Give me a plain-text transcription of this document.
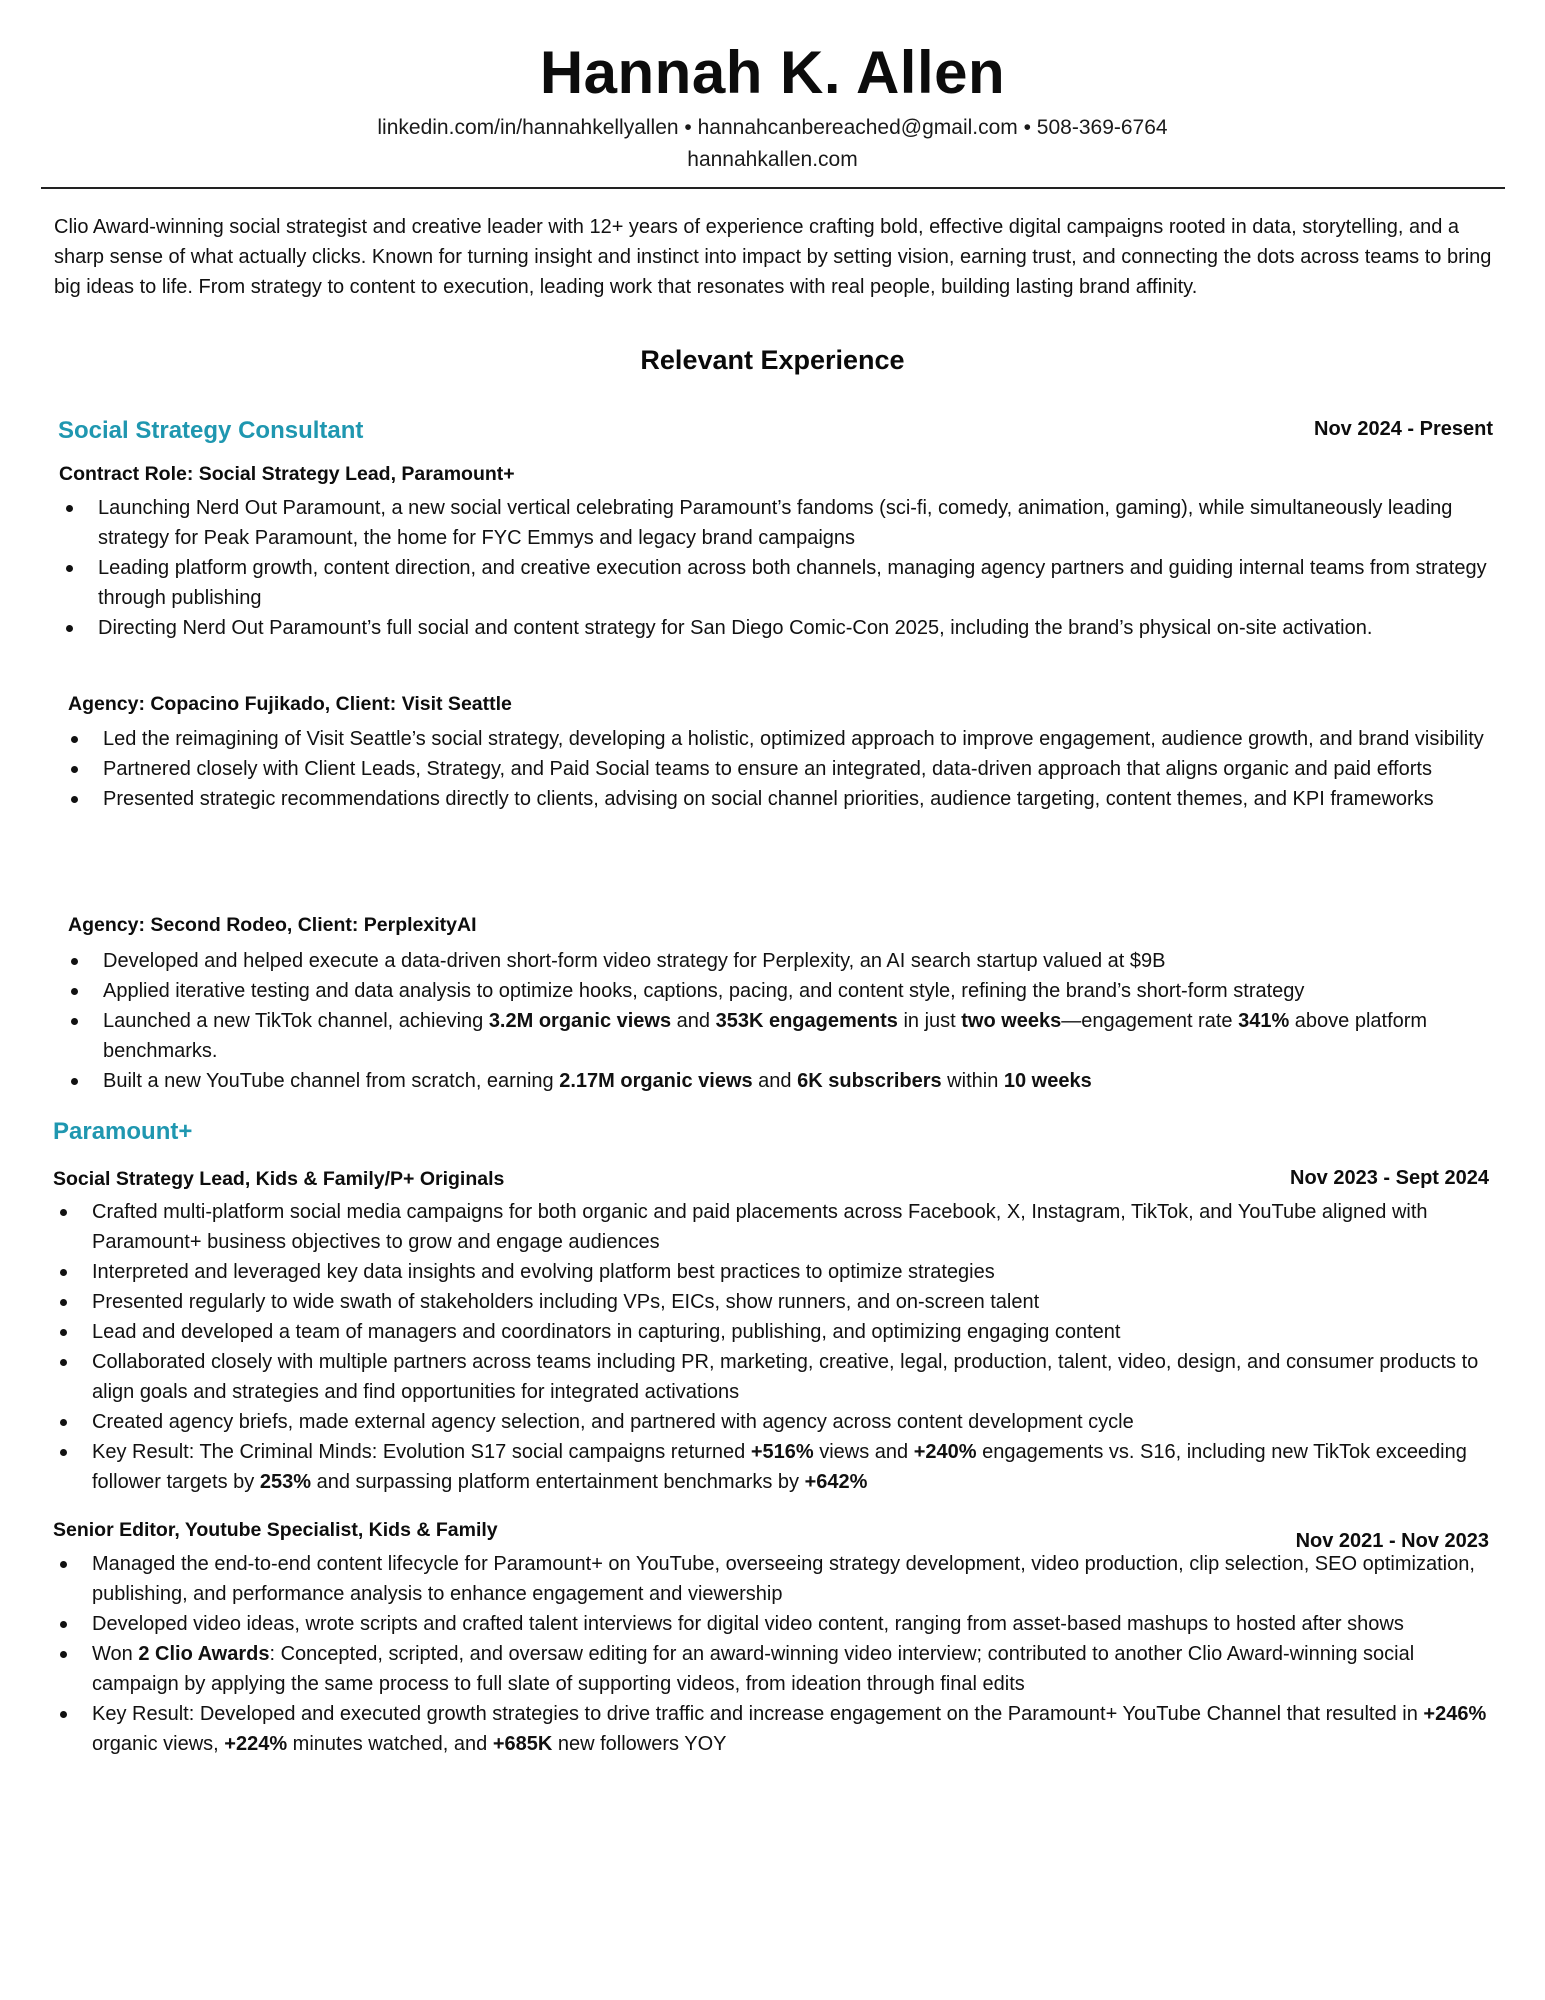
Hannah K. Allen
linkedin.com/in/hannahkellyallen • hannahcanbereached@gmail.com • 508-369-6764
hannahkallen.com
Clio Award-winning social strategist and creative leader with 12+ years of experience crafting bold, effective digital campaigns rooted in data, storytelling, and a sharp sense of what actually clicks. Known for turning insight and instinct into impact by setting vision, earning trust, and connecting the dots across teams to bring big ideas to life. From strategy to content to execution, leading work that resonates with real people, building lasting brand affinity.
Relevant Experience
Social Strategy Consultant	Nov 2024 - Present
Contract Role: Social Strategy Lead, Paramount+
Launching Nerd Out Paramount, a new social vertical celebrating Paramount’s fandoms (sci-fi, comedy, animation, gaming), while simultaneously leading strategy for Peak Paramount, the home for FYC Emmys and legacy brand campaigns
Leading platform growth, content direction, and creative execution across both channels, managing agency partners and guiding internal teams from strategy through publishing
Directing Nerd Out Paramount’s full social and content strategy for San Diego Comic-Con 2025, including the brand’s physical on-site activation.
Agency: Copacino Fujikado, Client: Visit Seattle
Led the reimagining of Visit Seattle’s social strategy, developing a holistic, optimized approach to improve engagement, audience growth, and brand visibility
Partnered closely with Client Leads, Strategy, and Paid Social teams to ensure an integrated, data-driven approach that aligns organic and paid efforts
Presented strategic recommendations directly to clients, advising on social channel priorities, audience targeting, content themes, and KPI frameworks
Agency: Second Rodeo, Client: PerplexityAI
Developed and helped execute a data-driven short-form video strategy for Perplexity, an AI search startup valued at $9B
Applied iterative testing and data analysis to optimize hooks, captions, pacing, and content style, refining the brand’s short-form strategy
Launched a new TikTok channel, achieving 3.2M organic views and 353K engagements in just two weeks—engagement rate 341% above platform benchmarks.
Built a new YouTube channel from scratch, earning 2.17M organic views and 6K subscribers within 10 weeks
Paramount+
Social Strategy Lead, Kids & Family/P+ Originals	Nov 2023 - Sept 2024
Crafted multi-platform social media campaigns for both organic and paid placements across Facebook, X, Instagram, TikTok, and YouTube aligned with Paramount+ business objectives to grow and engage audiences
Interpreted and leveraged key data insights and evolving platform best practices to optimize strategies
Presented regularly to wide swath of stakeholders including VPs, EICs, show runners, and on-screen talent
Lead and developed a team of managers and coordinators in capturing, publishing, and optimizing engaging content
Collaborated closely with multiple partners across teams including PR, marketing, creative, legal, production, talent, video, design, and consumer products to align goals and strategies and find opportunities for integrated activations
Created agency briefs, made external agency selection, and partnered with agency across content development cycle
Key Result: The Criminal Minds: Evolution S17 social campaigns returned +516% views and +240% engagements vs. S16, including new TikTok exceeding follower targets by 253% and surpassing platform entertainment benchmarks by +642%
Senior Editor, Youtube Specialist, Kids & Family	Nov 2021 - Nov 2023
Managed the end-to-end content lifecycle for Paramount+ on YouTube, overseeing strategy development, video production, clip selection, SEO optimization, publishing, and performance analysis to enhance engagement and viewership
Developed video ideas, wrote scripts and crafted talent interviews for digital video content, ranging from asset-based mashups to hosted after shows
Won 2 Clio Awards: Concepted, scripted, and oversaw editing for an award-winning video interview; contributed to another Clio Award-winning social campaign by applying the same process to full slate of supporting videos, from ideation through final edits
Key Result: Developed and executed growth strategies to drive traffic and increase engagement on the Paramount+ YouTube Channel that resulted in +246% organic views, +224% minutes watched, and +685K new followers YOY
